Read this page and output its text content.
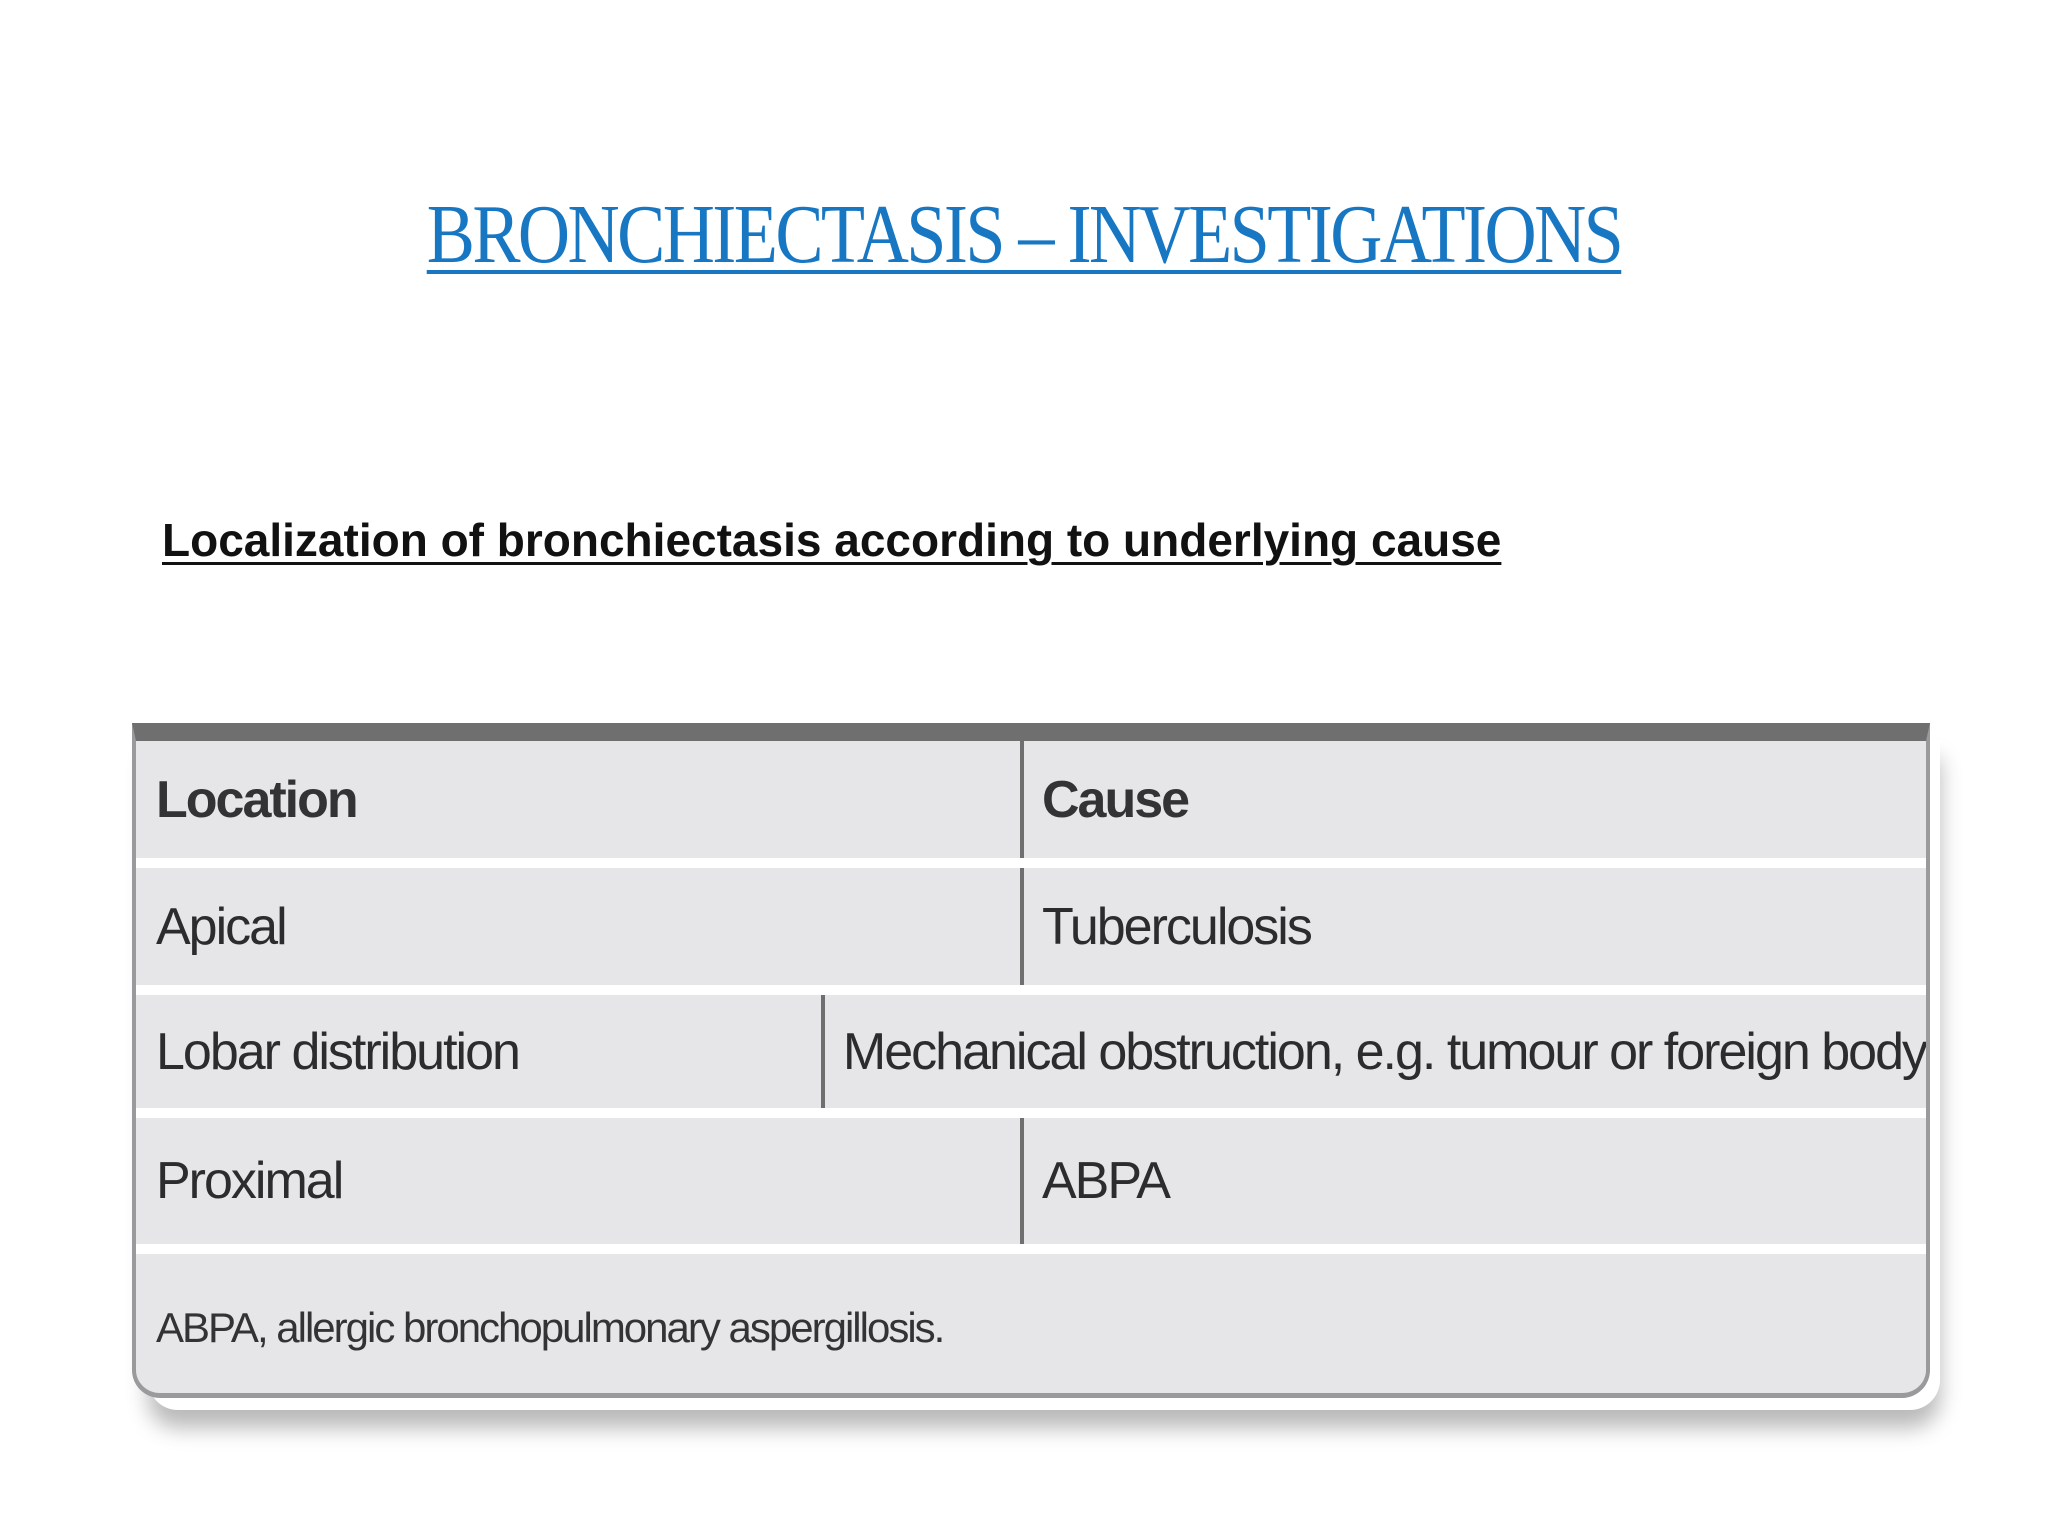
BRONCHIECTASIS – INVESTIGATIONS
Localization of bronchiectasis according to underlying cause
Location	Cause
Apical	Tuberculosis
Lobar distribution	Mechanical obstruction, e.g. tumour or foreign body
Proximal	ABPA
ABPA, allergic bronchopulmonary aspergillosis.
